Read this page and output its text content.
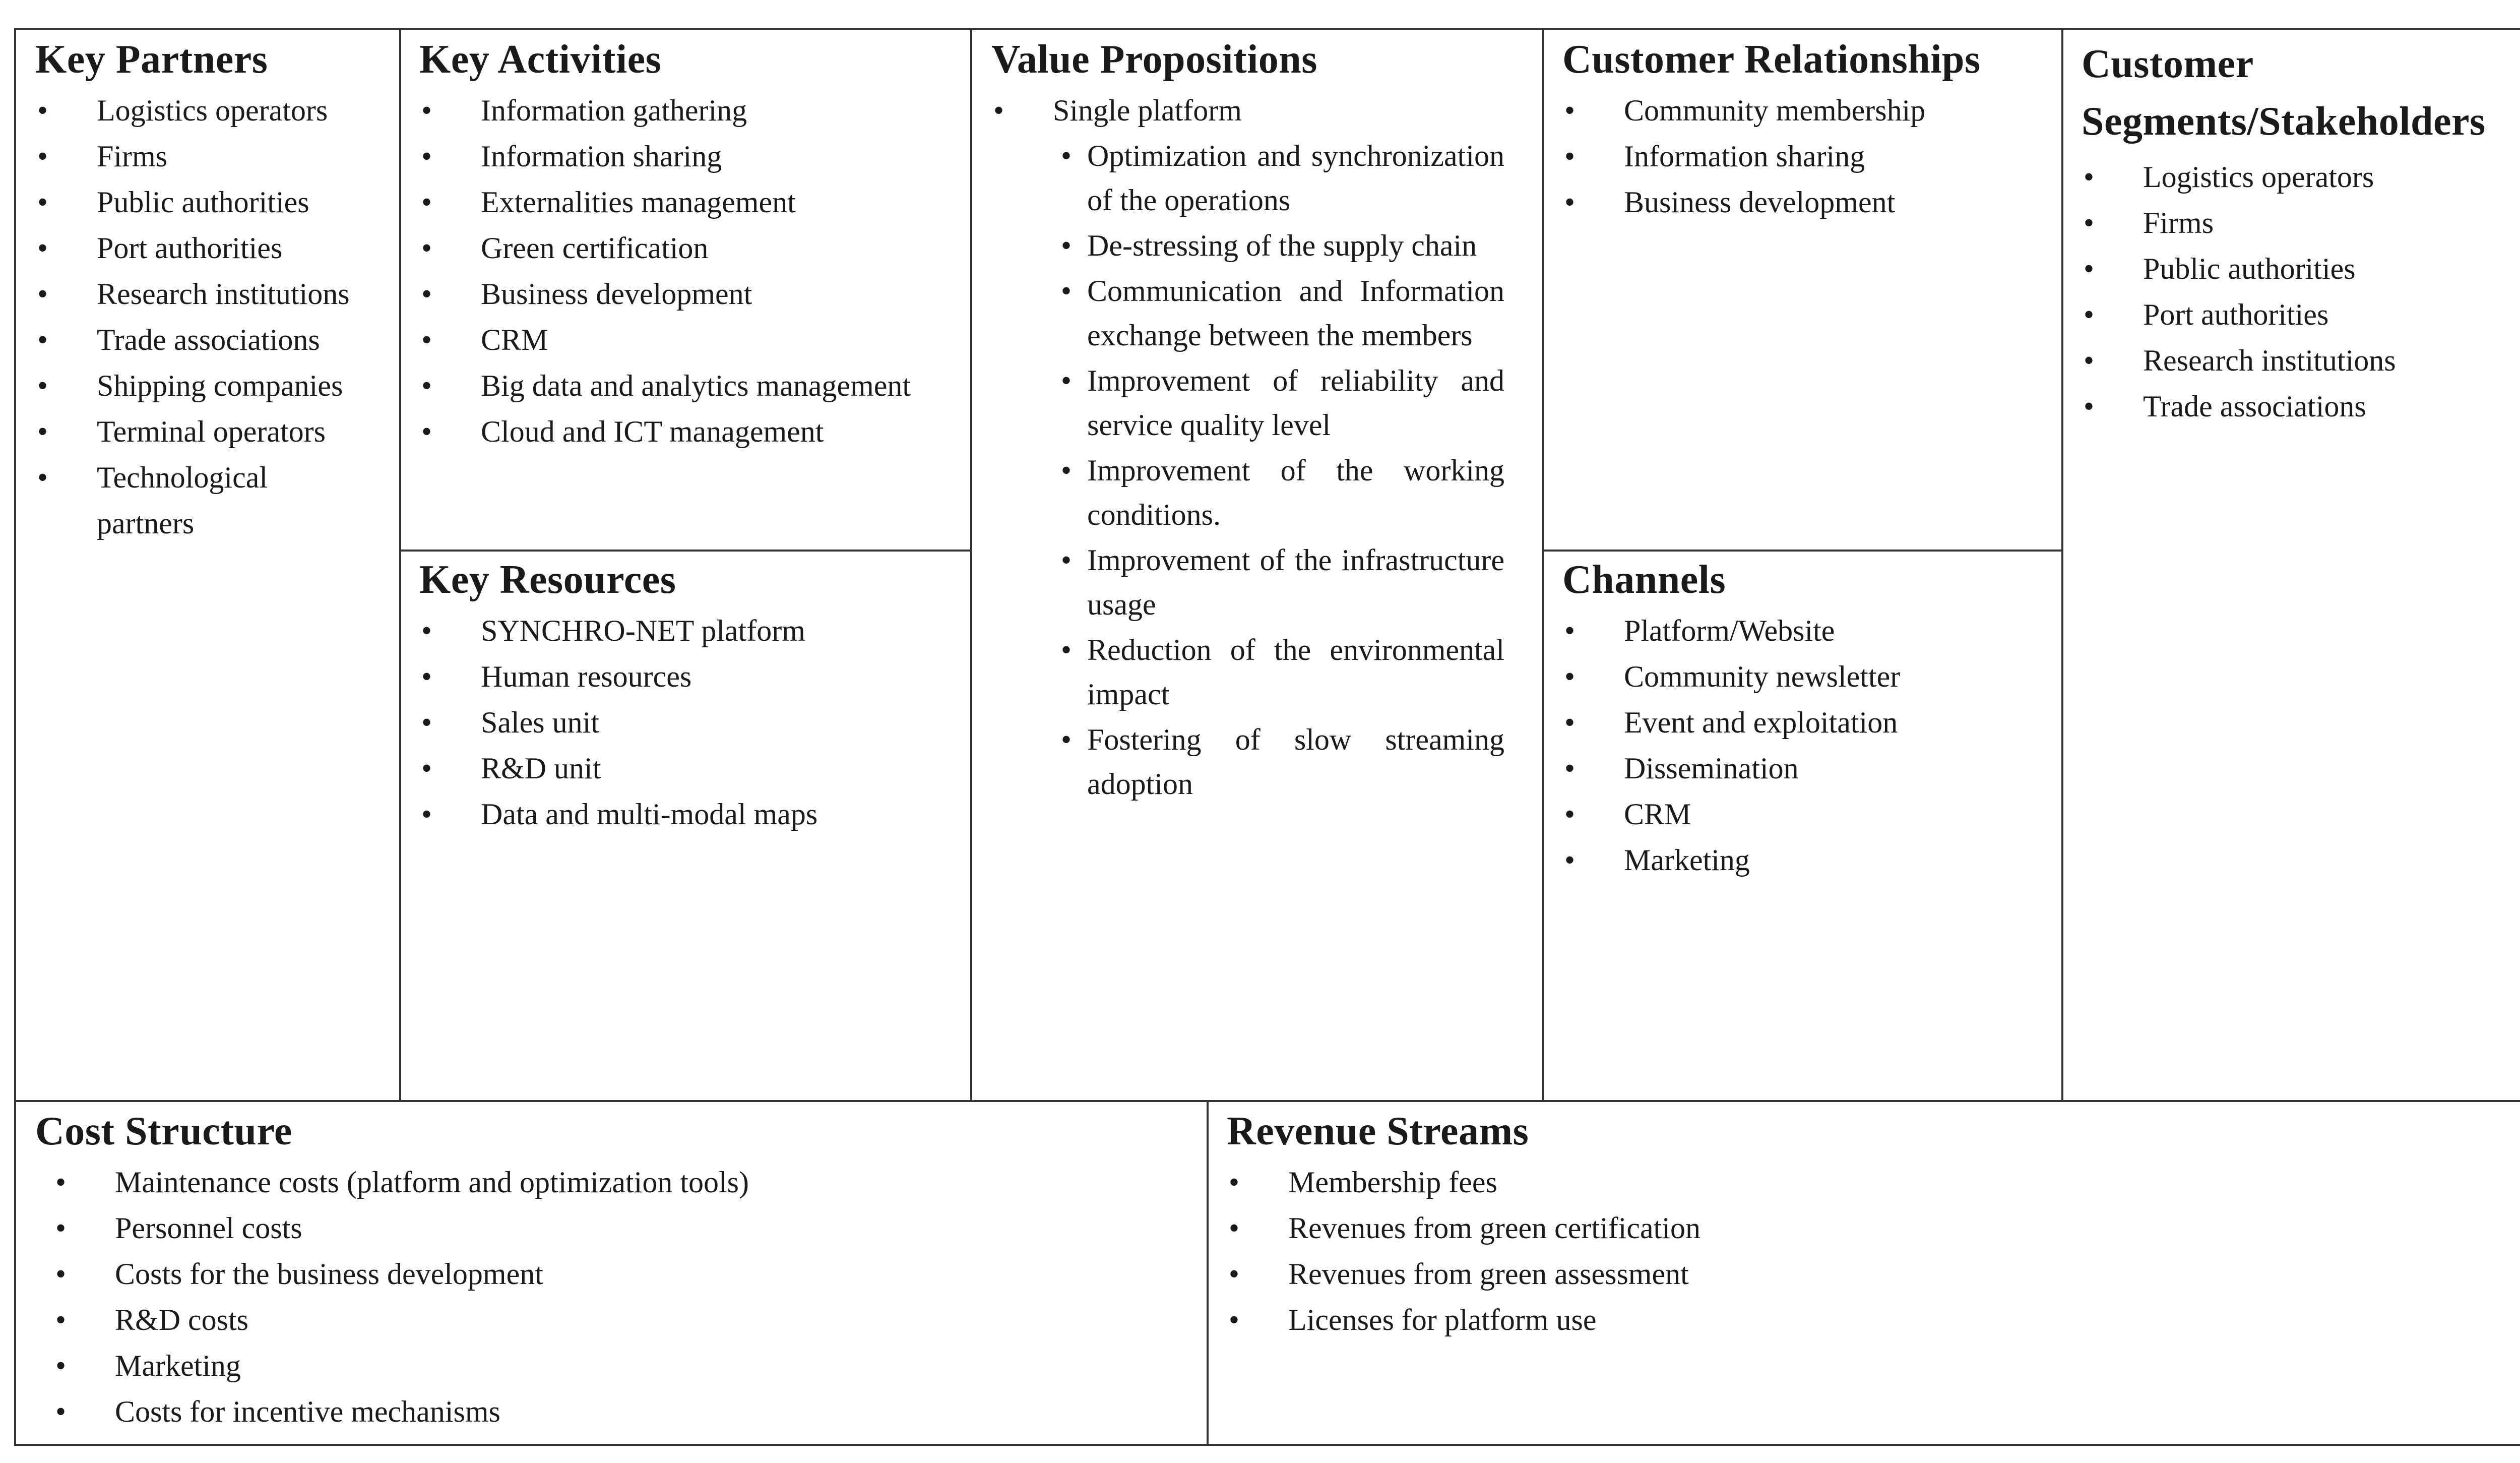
Key Partners
• Logistics operators
• Firms
• Public authorities
• Port authorities
• Research institutions
• Trade associations
• Shipping companies
• Terminal operators
• Technological partners
Key Activities
• Information gathering
• Information sharing
• Externalities management
• Green certification
• Business development
• CRM
• Big data and analytics management
• Cloud and ICT management
Key Resources
• SYNCHRO-NET platform
• Human resources
• Sales unit
• R&D unit
• Data and multi-modal maps
Value Propositions
• Single platform
• Optimization and synchronization of the operations
• De-stressing of the supply chain
• Communication and Information exchange between the members
• Improvement of reliability and service quality level
• Improvement of the working conditions.
• Improvement of the infrastructure usage
• Reduction of the environmental impact
• Fostering of slow streaming adoption
Customer Relationships
• Community membership
• Information sharing
• Business development
Channels
• Platform/Website
• Community newsletter
• Event and exploitation
• Dissemination
• CRM
• Marketing
Customer Segments/Stakeholders
• Logistics operators
• Firms
• Public authorities
• Port authorities
• Research institutions
• Trade associations
Cost Structure
• Maintenance costs (platform and optimization tools)
• Personnel costs
• Costs for the business development
• R&D costs
• Marketing
• Costs for incentive mechanisms
Revenue Streams
• Membership fees
• Revenues from green certification
• Revenues from green assessment
• Licenses for platform use
